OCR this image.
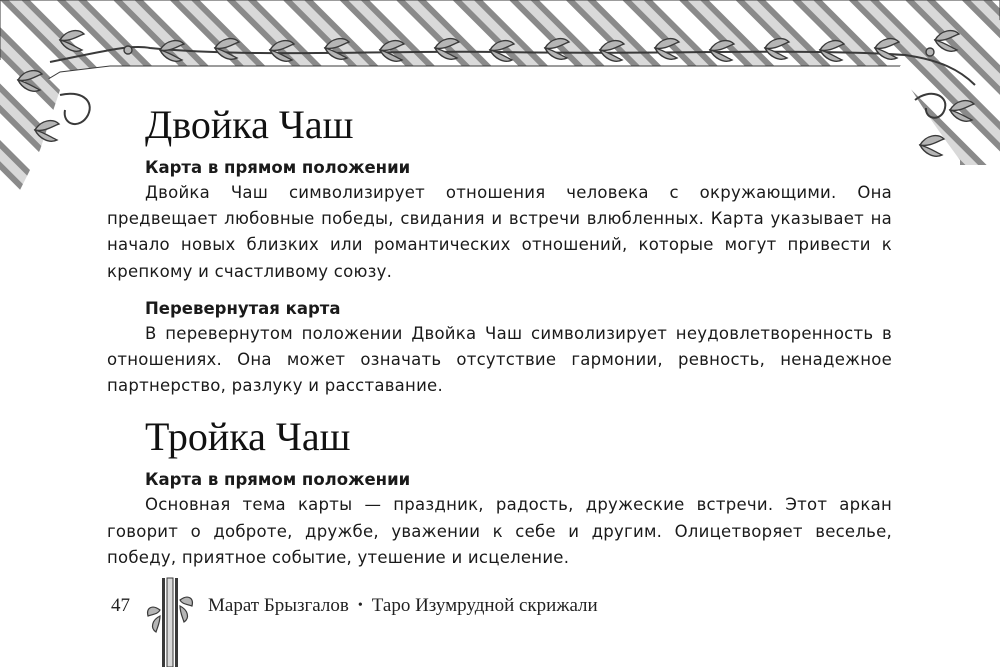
Двойка Чаш
Карта в прямом положении

Двойка Чаш символизирует отношения человека с окружающими. Она предвещает любовные победы, свидания и встречи влюбленных. Карта указывает на начало новых близких или романтических отношений, которые могут привести к крепкому и счастливому союзу.

Перевернутая карта

В перевернутом положении Двойка Чаш символизирует неудовлетворенность в отношениях. Она может означать отсутствие гармонии, ревность, ненадежное партнерство, разлуку и расставание.

Тройка Чаш
Карта в прямом положении

Основная тема карты — праздник, радость, дружеские встречи. Этот аркан говорит о доброте, дружбе, уважении к себе и другим. Олицетворяет веселье, победу, приятное событие, утешение и исцеление.

47	Марат Брызгалов • Таро Изумрудной скрижали
